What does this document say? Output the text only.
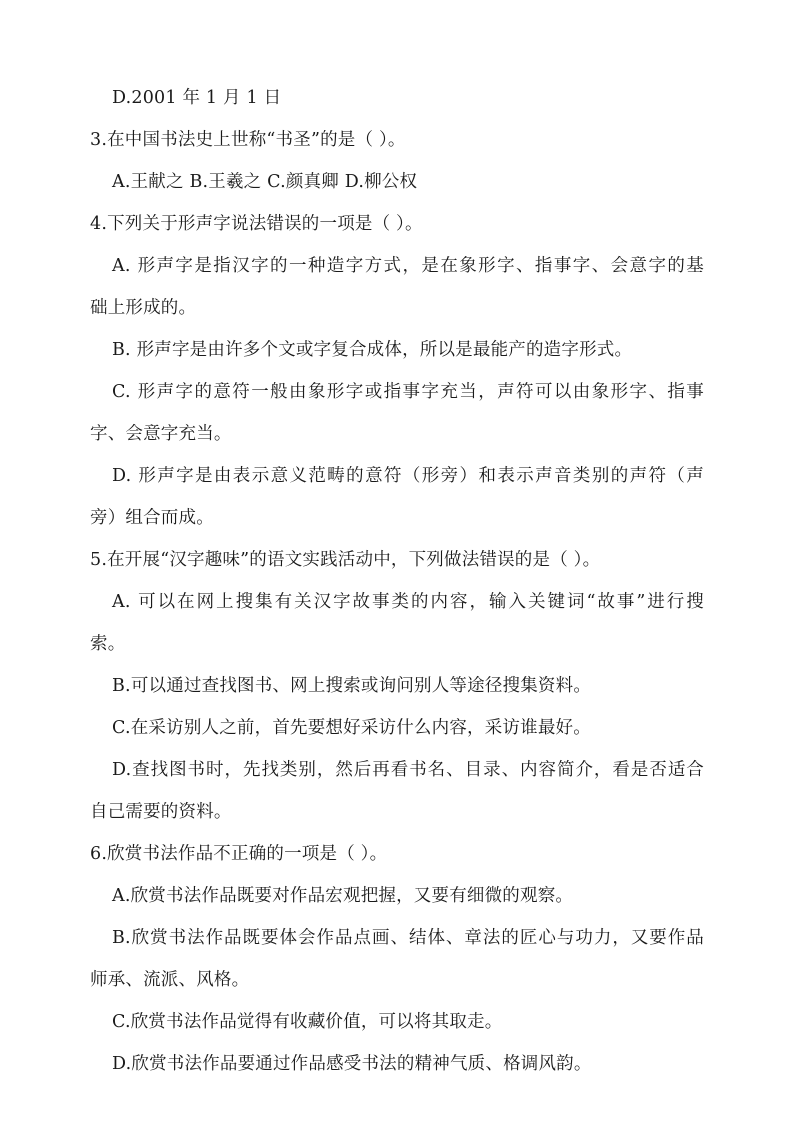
D.2001 年 1 月 1 日
3.在中国书法史上世称“书圣”的是（ ）。
A.王献之 B.王羲之 C.颜真卿 D.柳公权
4.下列关于形声字说法错误的一项是（ ）。
A. 形声字是指汉字的一种造字方式，是在象形字、指事字、会意字的基
础上形成的。
B. 形声字是由许多个文或字复合成体，所以是最能产的造字形式。
C. 形声字的意符一般由象形字或指事字充当，声符可以由象形字、指事
字、会意字充当。
D. 形声字是由表示意义范畴的意符（形旁）和表示声音类别的声符（声
旁）组合而成。
5.在开展“汉字趣味”的语文实践活动中，下列做法错误的是（ ）。
A. 可以在网上搜集有关汉字故事类的内容，输入关键词“故事”进行搜
索。
B.可以通过查找图书、网上搜索或询问别人等途径搜集资料。
C.在采访别人之前，首先要想好采访什么内容，采访谁最好。
D.查找图书时，先找类别，然后再看书名、目录、内容简介，看是否适合
自己需要的资料。
6.欣赏书法作品不正确的一项是（ ）。
A.欣赏书法作品既要对作品宏观把握，又要有细微的观察。
B.欣赏书法作品既要体会作品点画、结体、章法的匠心与功力，又要作品
师承、流派、风格。
C.欣赏书法作品觉得有收藏价值，可以将其取走。
D.欣赏书法作品要通过作品感受书法的精神气质、格调风韵。
